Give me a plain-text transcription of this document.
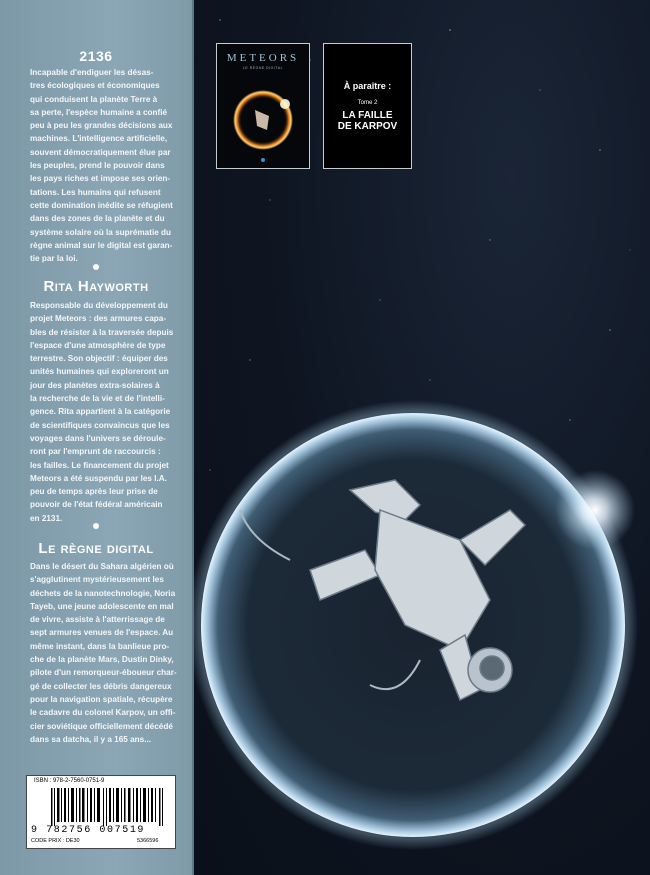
2136
Incapable d'endiguer les désas-
tres écologiques et économiques
qui conduisent la planète Terre à
sa perte, l'espèce humaine a confié
peu à peu les grandes décisions aux
machines. L'intelligence artificielle,
souvent démocratiquement élue par
les peuples, prend le pouvoir dans
les pays riches et impose ses orien-
tations. Les humains qui refusent
cette domination inédite se réfugient
dans des zones de la planète et du
système solaire où la suprématie du
règne animal sur le digital est garan-
tie par la loi.
Rita Hayworth
Responsable du développement du
projet Meteors : des armures capa-
bles de résister à la traversée depuis
l'espace d'une atmosphère de type
terrestre. Son objectif : équiper des
unités humaines qui exploreront un
jour des planètes extra-solaires à
la recherche de la vie et de l'intelli-
gence. Rita appartient à la catégorie
de scientifiques convaincus que les
voyages dans l'univers se déroule-
ront par l'emprunt de raccourcis :
les failles. Le financement du projet
Meteors a été suspendu par les I.A.
peu de temps après leur prise de
pouvoir de l'état fédéral américain
en 2131.
Le règne digital
Dans le désert du Sahara algérien où
s'agglutinent mystérieusement les
déchets de la nanotechnologie, Noria
Tayeb, une jeune adolescente en mal
de vivre, assiste à l'atterrissage de
sept armures venues de l'espace. Au
même instant, dans la banlieue pro-
che de la planète Mars, Dustin Dinky,
pilote d'un remorqueur-éboueur char-
gé de collecter les débris dangereux
pour la navigation spatiale, récupère
le cadavre du colonel Karpov, un offi-
cier soviétique officiellement décédé
dans sa datcha, il y a 165 ans...
ISBN : 978-2-7560-0751-9
9 782756 007519
CODE PRIX : DE30	5366596
METEORS
LE RÈGNE DIGITAL
À paraître :
Tome 2
LA FAILLE
DE KARPOV
